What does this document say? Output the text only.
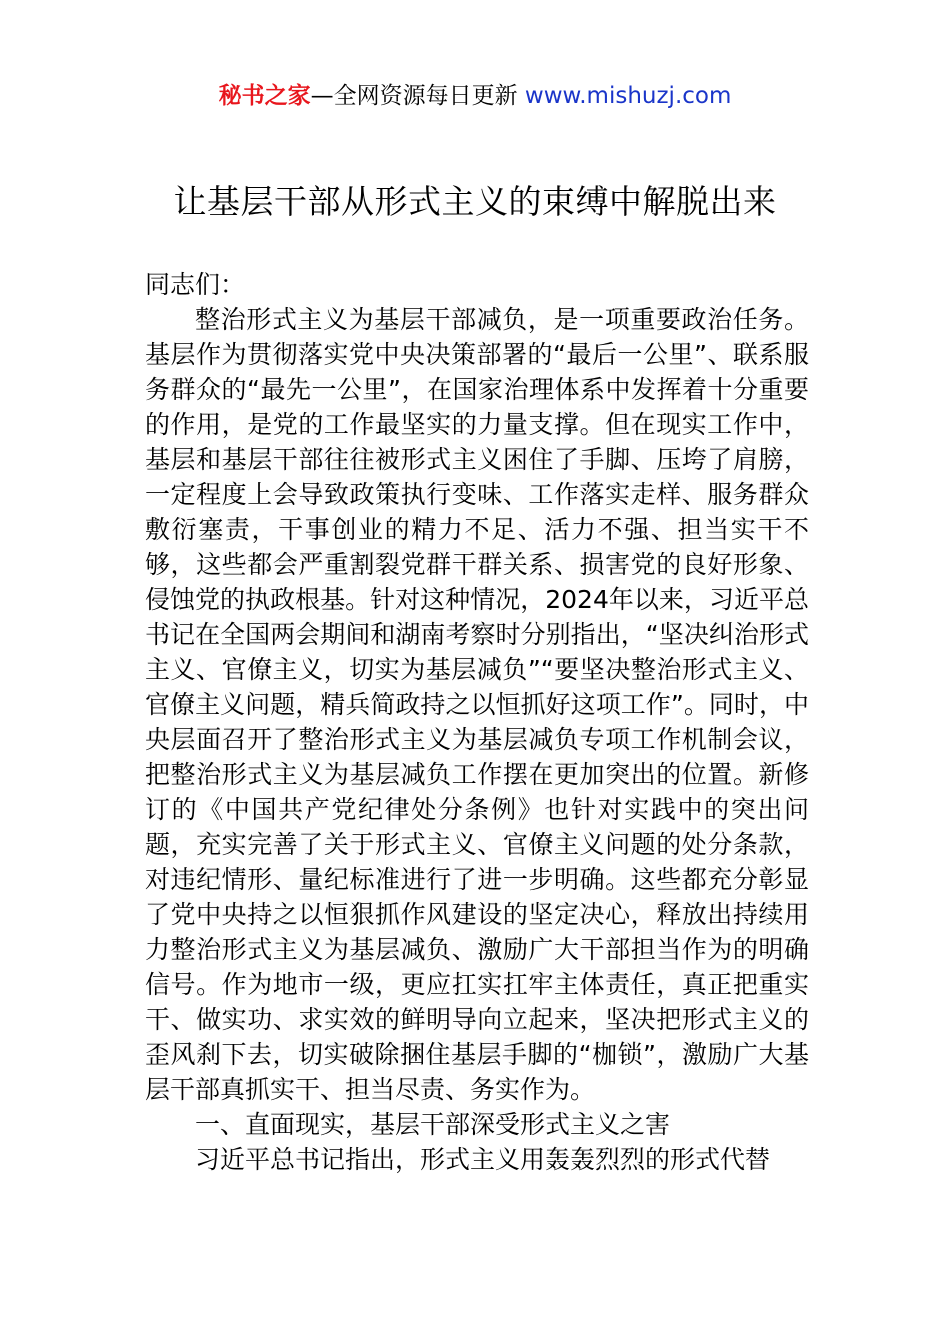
秘书之家—全网资源每日更新 www.mishuzj.com
让基层干部从形式主义的束缚中解脱出来

同志们：

整治形式主义为基层干部减负，是一项重要政治任务。基层作为贯彻落实党中央决策部署的“最后一公里”、联系服务群众的“最先一公里”，在国家治理体系中发挥着十分重要的作用，是党的工作最坚实的力量支撑。但在现实工作中，基层和基层干部往往被形式主义困住了手脚、压垮了肩膀，一定程度上会导致政策执行变味、工作落实走样、服务群众敷衍塞责，干事创业的精力不足、活力不强、担当实干不够，这些都会严重割裂党群干群关系、损害党的良好形象、侵蚀党的执政根基。针对这种情况，2024年以来，习近平总书记在全国两会期间和湖南考察时分别指出，“坚决纠治形式主义、官僚主义，切实为基层减负”“要坚决整治形式主义、官僚主义问题，精兵简政持之以恒抓好这项工作”。同时，中央层面召开了整治形式主义为基层减负专项工作机制会议，把整治形式主义为基层减负工作摆在更加突出的位置。新修订的《中国共产党纪律处分条例》也针对实践中的突出问题，充实完善了关于形式主义、官僚主义问题的处分条款，对违纪情形、量纪标准进行了进一步明确。这些都充分彰显了党中央持之以恒狠抓作风建设的坚定决心，释放出持续用力整治形式主义为基层减负、激励广大干部担当作为的明确信号。作为地市一级，更应扛实扛牢主体责任，真正把重实干、做实功、求实效的鲜明导向立起来，坚决把形式主义的歪风刹下去，切实破除捆住基层手脚的“枷锁”，激励广大基层干部真抓实干、担当尽责、务实作为。

一、直面现实，基层干部深受形式主义之害

习近平总书记指出，形式主义用轰轰烈烈的形式代替
